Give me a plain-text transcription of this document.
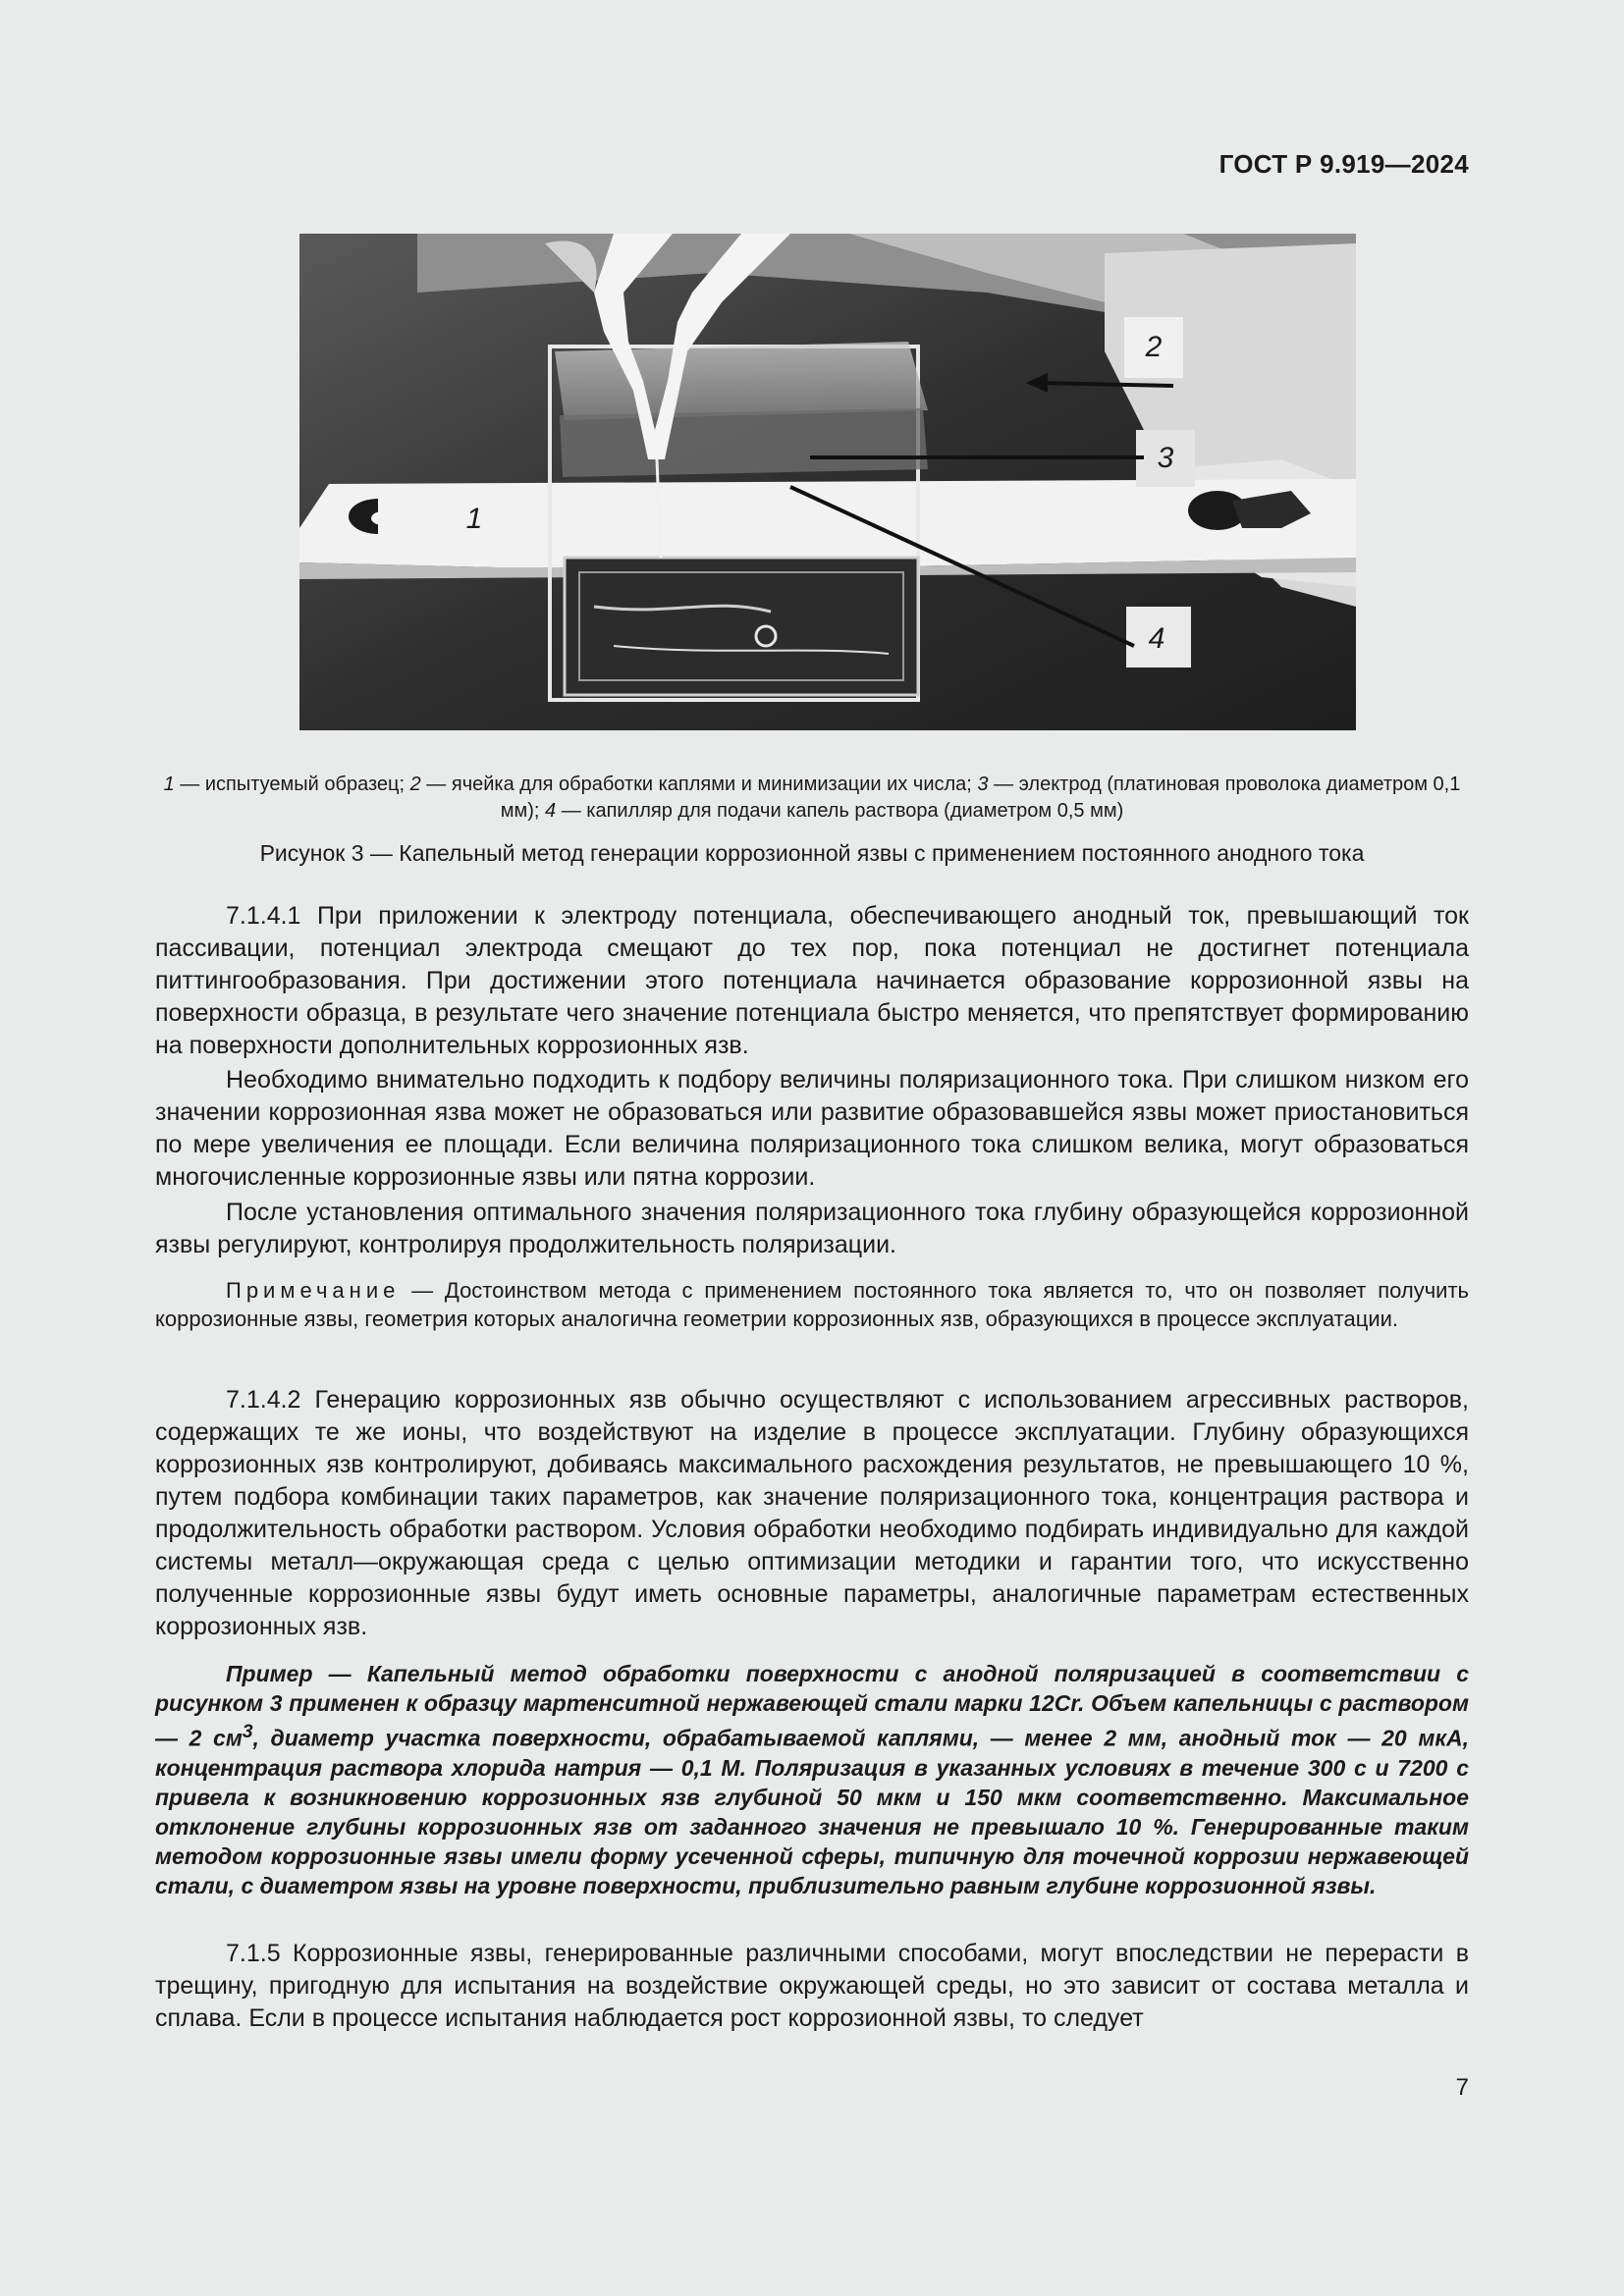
ГОСТ Р 9.919—2024
2
3
1
4
1 — испытуемый образец; 2 — ячейка для обработки каплями и минимизации их числа; 3 — электрод (платиновая проволока диаметром 0,1 мм); 4 — капилляр для подачи капель раствора (диаметром 0,5 мм)
Рисунок 3 — Капельный метод генерации коррозионной язвы с применением постоянного анодного тока

7.1.4.1 При приложении к электроду потенциала, обеспечивающего анодный ток, превышающий ток пассивации, потенциал электрода смещают до тех пор, пока потенциал не достигнет потенциала питтингообразования. При достижении этого потенциала начинается образование коррозионной язвы на поверхности образца, в результате чего значение потенциала быстро меняется, что препятствует формированию на поверхности дополнительных коррозионных язв.

Необходимо внимательно подходить к подбору величины поляризационного тока. При слишком низком его значении коррозионная язва может не образоваться или развитие образовавшейся язвы может приостановиться по мере увеличения ее площади. Если величина поляризационного тока слишком велика, могут образоваться многочисленные коррозионные язвы или пятна коррозии.

После установления оптимального значения поляризационного тока глубину образующейся коррозионной язвы регулируют, контролируя продолжительность поляризации.

Примечание — Достоинством метода с применением постоянного тока является то, что он позволяет получить коррозионные язвы, геометрия которых аналогична геометрии коррозионных язв, образующихся в процессе эксплуатации.

7.1.4.2 Генерацию коррозионных язв обычно осуществляют с использованием агрессивных растворов, содержащих те же ионы, что воздействуют на изделие в процессе эксплуатации. Глубину образующихся коррозионных язв контролируют, добиваясь максимального расхождения результатов, не превышающего 10 %, путем подбора комбинации таких параметров, как значение поляризационного тока, концентрация раствора и продолжительность обработки раствором. Условия обработки необходимо подбирать индивидуально для каждой системы металл—окружающая среда с целью оптимизации методики и гарантии того, что искусственно полученные коррозионные язвы будут иметь основные параметры, аналогичные параметрам естественных коррозионных язв.

Пример — Капельный метод обработки поверхности с анодной поляризацией в соответствии с рисунком 3 применен к образцу мартенситной нержавеющей стали марки 12Cr. Объем капельницы с раствором — 2 $см^3$, диаметр участка поверхности, обрабатываемой каплями, — менее 2 мм, анодный ток — 20 мкА, концентрация раствора хлорида натрия — 0,1 М. Поляризация в указанных условиях в течение 300 с и 7200 с привела к возникновению коррозионных язв глубиной 50 мкм и 150 мкм соответственно. Максимальное отклонение глубины коррозионных язв от заданного значения не превышало 10 %. Генерированные таким методом коррозионные язвы имели форму усеченной сферы, типичную для точечной коррозии нержавеющей стали, с диаметром язвы на уровне поверхности, приблизительно равным глубине коррозионной язвы.

7.1.5 Коррозионные язвы, генерированные различными способами, могут впоследствии не перерасти в трещину, пригодную для испытания на воздействие окружающей среды, но это зависит от состава металла и сплава. Если в процессе испытания наблюдается рост коррозионной язвы, то следует

7
